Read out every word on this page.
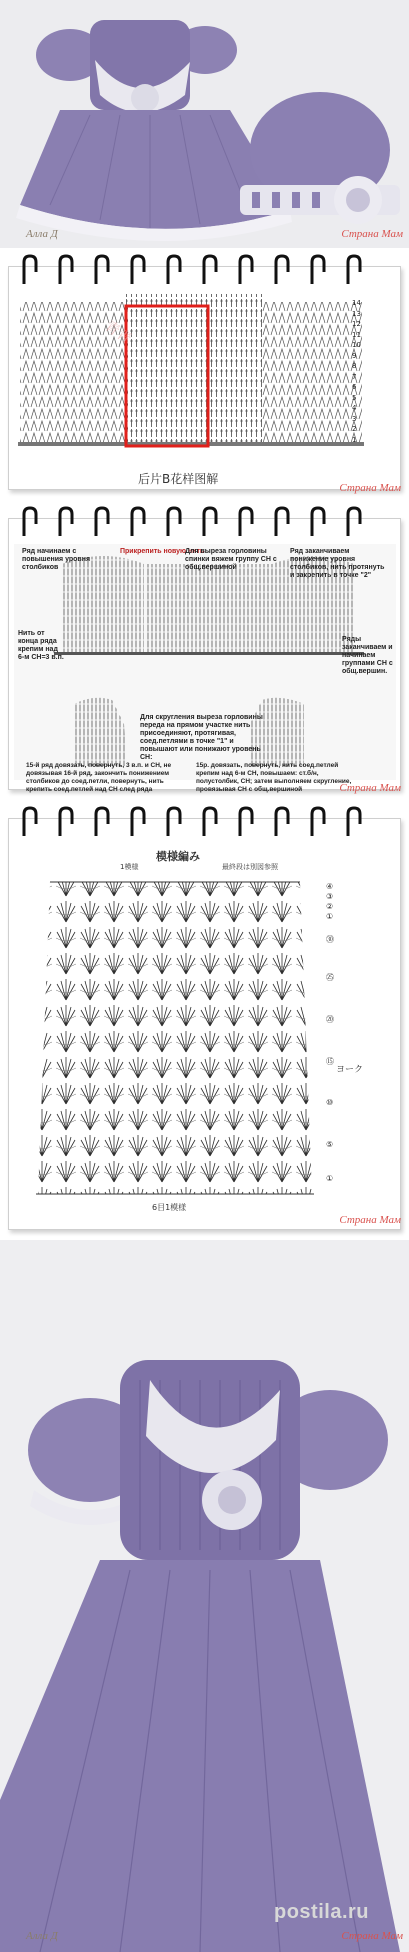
Алла Д	Страна Мам
青青
14
13
12
11
10
9
8
7
6
5
4
3
2
1
后片B花样图解
Страна Мам
Ряд начинаем с повышения уровня столбиков
Прикрепить новую нить
Для выреза горловины спинки вяжем группу СН с общ.вершиной
Ряд заканчиваем понижение уровня столбиков, нить протянуть и закрепить в точке "2"
Нить от конца ряда крепим над 6-м СН=3 в.п.
Ряды заканчиваем и начинаем группами СН с общ.вершин.
Для скругления выреза горловины переда на прямом участке нить присоединяют, протягивая, соед.петлями в точке "1" и повышают или понижают уровень СН:
15-й ряд довязать, повернуть, 3 в.п. и СН, не довязывая 16-й ряд, закончить понижением столбиков до соед.петли, повернуть, нить крепить соед.петлей над СН след ряда
15р. довязать, повернуть, нить соед.петлей крепим над 6-м СН, повышаем: ст.б/н, полустолбик, СН; затем выполняем скругление, провязывая СН с общ.вершиной	Страна Мам
模様編み
1模様	最終段は別図参照
④
③
②
①
㉚
㉕
⑳
⑮
⑩
⑤
①
ヨーク
6目1模様
Страна Мам
Алла Д	Страна Мам
postila.ru
